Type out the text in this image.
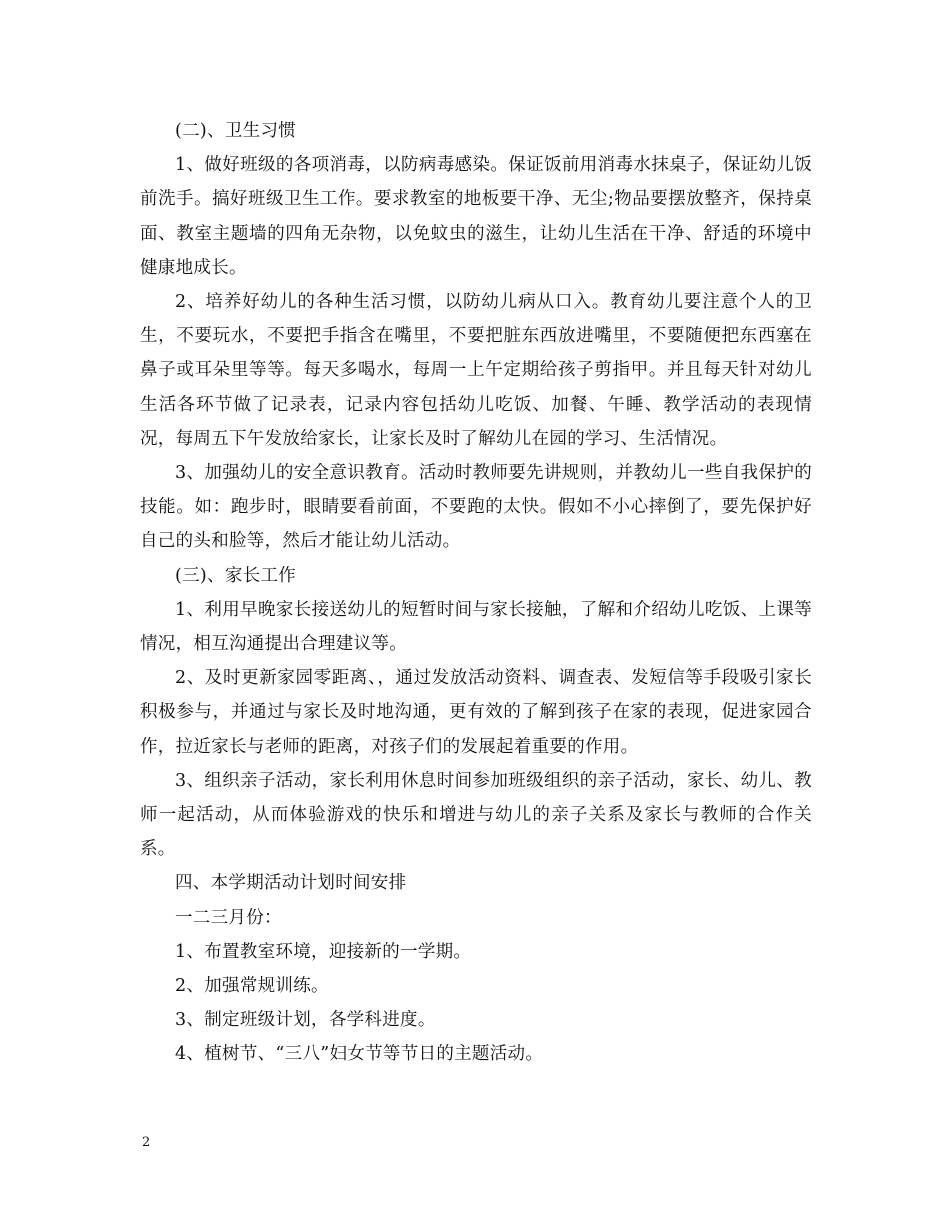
(二)、卫生习惯

1、做好班级的各项消毒，以防病毒感染。保证饭前用消毒水抹桌子，保证幼儿饭前洗手。搞好班级卫生工作。要求教室的地板要干净、无尘;物品要摆放整齐，保持桌面、教室主题墙的四角无杂物，以免蚊虫的滋生，让幼儿生活在干净、舒适的环境中健康地成长。

2、培养好幼儿的各种生活习惯，以防幼儿病从口入。教育幼儿要注意个人的卫生，不要玩水，不要把手指含在嘴里，不要把脏东西放进嘴里，不要随便把东西塞在鼻子或耳朵里等等。每天多喝水，每周一上午定期给孩子剪指甲。并且每天针对幼儿生活各环节做了记录表，记录内容包括幼儿吃饭、加餐、午睡、教学活动的表现情况，每周五下午发放给家长，让家长及时了解幼儿在园的学习、生活情况。

3、加强幼儿的安全意识教育。活动时教师要先讲规则，并教幼儿一些自我保护的技能。如：跑步时，眼睛要看前面，不要跑的太快。假如不小心摔倒了，要先保护好自己的头和脸等，然后才能让幼儿活动。

(三)、家长工作

1、利用早晚家长接送幼儿的短暂时间与家长接触，了解和介绍幼儿吃饭、上课等情况，相互沟通提出合理建议等。

2、及时更新家园零距离、，通过发放活动资料、调查表、发短信等手段吸引家长积极参与，并通过与家长及时地沟通，更有效的了解到孩子在家的表现，促进家园合作，拉近家长与老师的距离，对孩子们的发展起着重要的作用。

3、组织亲子活动，家长利用休息时间参加班级组织的亲子活动，家长、幼儿、教师一起活动，从而体验游戏的快乐和增进与幼儿的亲子关系及家长与教师的合作关系。

四、本学期活动计划时间安排

一二三月份：

1、布置教室环境，迎接新的一学期。

2、加强常规训练。

3、制定班级计划，各学科进度。

4、植树节、“三八”妇女节等节日的主题活动。

2
